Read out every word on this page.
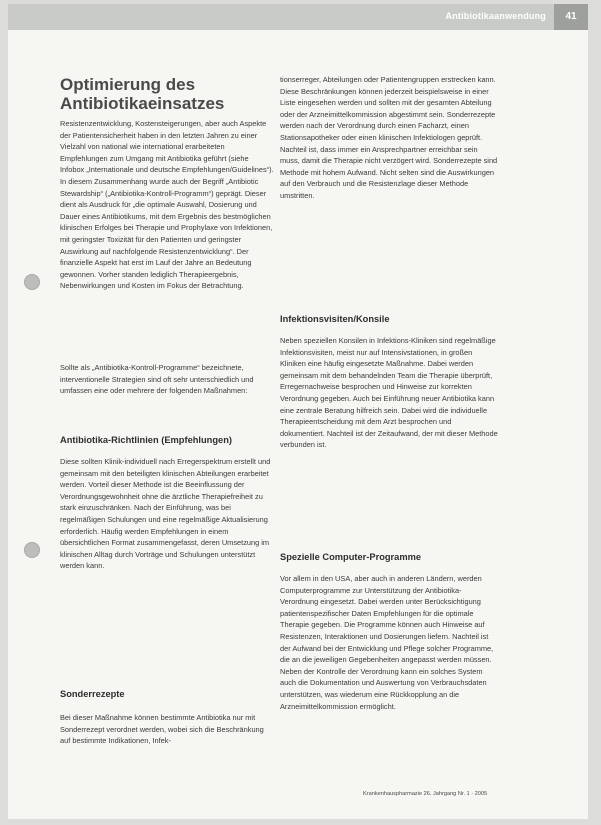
Antibiotikaanwendung	41
Optimierung des Antibiotikaeinsatzes

Resistenzentwicklung, Kostensteigerungen, aber auch Aspekte der Patientensicherheit haben in den letzten Jahren zu einer Vielzahl von national wie international erarbeiteten Empfehlungen zum Umgang mit Antibiotika geführt (siehe Infobox „Internationale und deutsche Empfehlungen/Guidelines“). In diesem Zusammenhang wurde auch der Begriff „Antibiotic Stewardship“ („Antibiotika-Kontroll-Programm“) geprägt. Dieser dient als Ausdruck für „die optimale Auswahl, Dosierung und Dauer eines Antibiotikums, mit dem Ergebnis des bestmöglichen klinischen Erfolges bei Therapie und Prophylaxe von Infektionen, mit geringster Toxizität für den Patienten und geringster Auswirkung auf nachfolgende Resistenzentwicklung“. Der finanzielle Aspekt hat erst im Lauf der Jahre an Bedeutung gewonnen. Vorher standen lediglich Therapieergebnis, Nebenwirkungen und Kosten im Fokus der Betrachtung.

Sollte als „Antibiotika-Kontroll-Programme“ bezeichnete, interventionelle Strategien sind oft sehr unterschiedlich und umfassen eine oder mehrere der folgenden Maßnahmen:

Antibiotika-Richtlinien (Empfehlungen)

Diese sollten Klinik-individuell nach Erregerspektrum erstellt und gemeinsam mit den beteiligten klinischen Abteilungen erarbeitet werden. Vorteil dieser Methode ist die Beeinflussung der Verordnungsgewohnheit ohne die ärztliche Therapiefreiheit zu stark einzuschränken. Nach der Einführung, was bei regelmäßigen Schulungen und eine regelmäßige Aktualisierung erforderlich. Häufig werden Empfehlungen in einem übersichtlichen Format zusammengefasst, deren Umsetzung im klinischen Alltag durch Vorträge und Schulungen unterstützt werden kann.

Sonderrezepte

Bei dieser Maßnahme können bestimmte Antibiotika nur mit Sonderrezept verordnet werden, wobei sich die Beschränkung auf bestimmte Indikationen, Infek-

tionserreger, Abteilungen oder Patientengruppen erstrecken kann. Diese Beschränkungen können jederzeit beispielsweise in einer Liste eingesehen werden und sollten mit der gesamten Abteilung oder der Arzneimittelkommission abgestimmt sein. Sonderrezepte werden nach der Verordnung durch einen Facharzt, einen Stationsapotheker oder einen klinischen Infektiologen geprüft. Nachteil ist, dass immer ein Ansprechpartner erreichbar sein muss, damit die Therapie nicht verzögert wird. Sonderrezepte sind Methode mit hohem Aufwand. Nicht selten sind die Auswirkungen auf den Verbrauch und die Resistenzlage dieser Methode umstritten.

Infektionsvisiten/Konsile

Neben speziellen Konsilen in Infektions-Kliniken sind regelmäßige Infektionsvisiten, meist nur auf Intensivstationen, in großen Kliniken eine häufig eingesetzte Maßnahme. Dabei werden gemeinsam mit dem behandelnden Team die Therapie überprüft, Erregernachweise besprochen und Hinweise zur korrekten Verordnung gegeben. Auch bei Einführung neuer Antibiotika kann eine zentrale Beratung hilfreich sein. Dabei wird die individuelle Therapieentscheidung mit dem Arzt besprochen und dokumentiert. Nachteil ist der Zeitaufwand, der mit dieser Methode verbunden ist.

Spezielle Computer-Programme

Vor allem in den USA, aber auch in anderen Ländern, werden Computerprogramme zur Unterstützung der Antibiotika-Verordnung eingesetzt. Dabei werden unter Berücksichtigung patientenspezifischer Daten Empfehlungen für die optimale Therapie gegeben. Die Programme können auch Hinweise auf Resistenzen, Interaktionen und Dosierungen liefern. Nachteil ist der Aufwand bei der Entwicklung und Pflege solcher Programme, die an die jeweiligen Gegebenheiten angepasst werden müssen. Neben der Kontrolle der Verordnung kann ein solches System auch die Dokumentation und Auswertung von Verbrauchsdaten unterstützen, was wiederum eine Rückkopplung an die Arzneimittelkommission ermöglicht.

Krankenhauspharmazie 26. Jahrgang Nr. 1 · 2005
